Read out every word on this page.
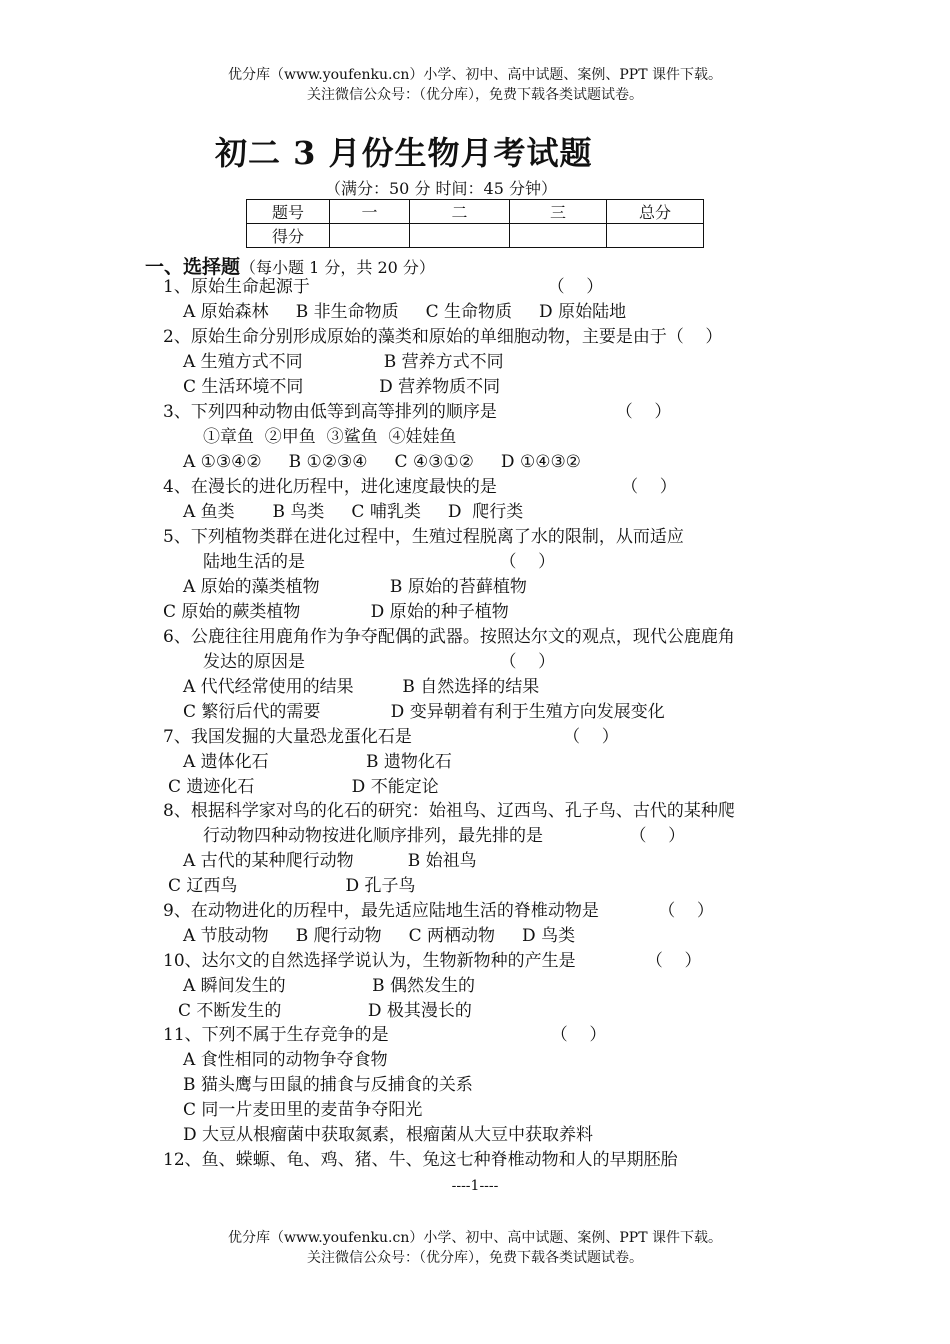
优分库（www.youfenku.cn）小学、初中、高中试题、案例、PPT 课件下载。
关注微信公众号：（优分库），免费下载各类试题试卷。
初二 3 月份生物月考试题
（满分：50 分 时间：45 分钟）
题号	一	二	三	总分
得分				
一、选择题（每小题 1 分，共 20 分）
1、原始生命起源于                                            （    ）
A 原始森林     B 非生命物质     C 生命物质     D 原始陆地
2、原始生命分别形成原始的藻类和原始的单细胞动物，主要是由于（    ）
A 生殖方式不同               B 营养方式不同
C 生活环境不同              D 营养物质不同
3、下列四种动物由低等到高等排列的顺序是                      （    ）
①章鱼  ②甲鱼  ③鲨鱼  ④娃娃鱼
A ①③④②     B ①②③④     C ④③①②     D ①④③②
4、在漫长的进化历程中，进化速度最快的是                       （    ）
A 鱼类       B 鸟类     C 哺乳类     D  爬行类
5、下列植物类群在进化过程中，生殖过程脱离了水的限制，从而适应
陆地生活的是                                    （    ）
A 原始的藻类植物             B 原始的苔藓植物
C 原始的蕨类植物             D 原始的种子植物
6、公鹿往往用鹿角作为争夺配偶的武器。按照达尔文的观点，现代公鹿鹿角
发达的原因是                                    （    ）
A 代代经常使用的结果         B 自然选择的结果
C 繁衍后代的需要             D 变异朝着有利于生殖方向发展变化
7、我国发掘的大量恐龙蛋化石是                            （    ）
A 遗体化石                  B 遗物化石
C 遗迹化石                  D 不能定论
8、根据科学家对鸟的化石的研究：始祖鸟、辽西鸟、孔子鸟、古代的某种爬
行动物四种动物按进化顺序排列，最先排的是                （    ）
A 古代的某种爬行动物          B 始祖鸟
C 辽西鸟                    D 孔子鸟
9、在动物进化的历程中，最先适应陆地生活的脊椎动物是           （    ）
A 节肢动物     B 爬行动物     C 两栖动物     D 鸟类
10、达尔文的自然选择学说认为，生物新物种的产生是             （    ）
A 瞬间发生的                B 偶然发生的
C 不断发生的                D 极其漫长的
11、下列不属于生存竞争的是                              （    ）
A 食性相同的动物争夺食物
B 猫头鹰与田鼠的捕食与反捕食的关系
C 同一片麦田里的麦苗争夺阳光
D 大豆从根瘤菌中获取氮素，根瘤菌从大豆中获取养料
12、鱼、蝾螈、龟、鸡、猪、牛、兔这七种脊椎动物和人的早期胚胎
----1----
优分库（www.youfenku.cn）小学、初中、高中试题、案例、PPT 课件下载。
关注微信公众号：（优分库），免费下载各类试题试卷。
